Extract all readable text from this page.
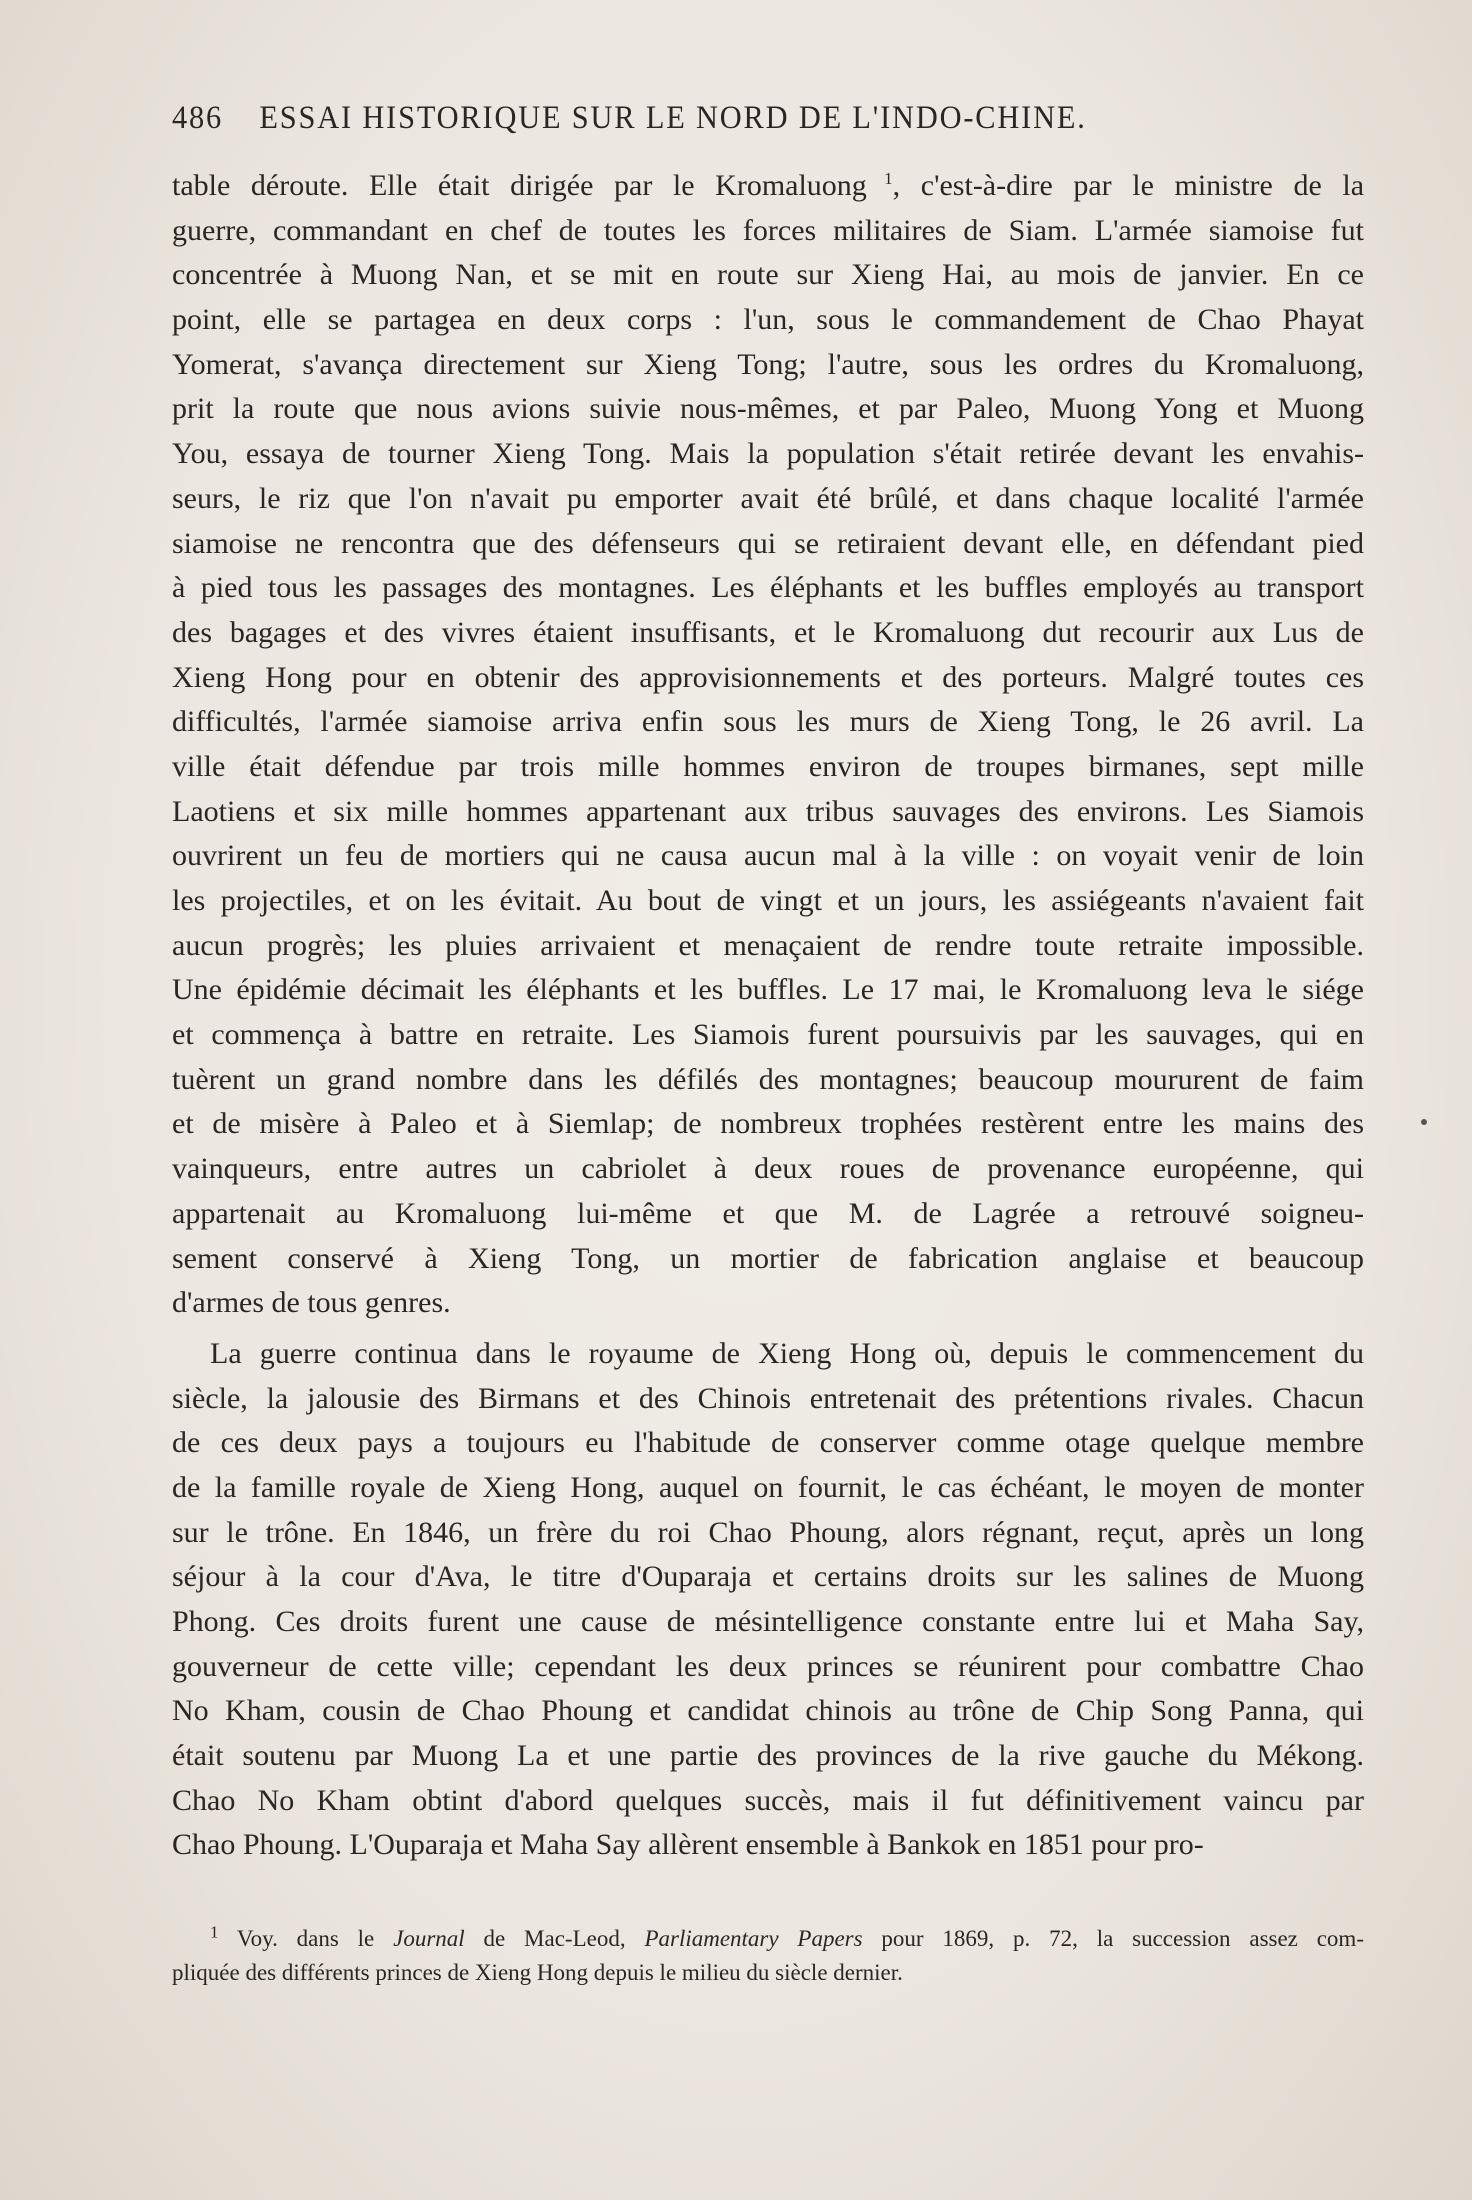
486 ESSAI HISTORIQUE SUR LE NORD DE L'INDO-CHINE.
table déroute. Elle était dirigée par le Kromaluong $^1$, c'est-à-dire par le ministre de la
guerre, commandant en chef de toutes les forces militaires de Siam. L'armée siamoise fut
concentrée à Muong Nan, et se mit en route sur Xieng Hai, au mois de janvier. En ce
point, elle se partagea en deux corps : l'un, sous le commandement de Chao Phayat
Yomerat, s'avança directement sur Xieng Tong; l'autre, sous les ordres du Kromaluong,
prit la route que nous avions suivie nous-mêmes, et par Paleo, Muong Yong et Muong
You, essaya de tourner Xieng Tong. Mais la population s'était retirée devant les envahis-
seurs, le riz que l'on n'avait pu emporter avait été brûlé, et dans chaque localité l'armée
siamoise ne rencontra que des défenseurs qui se retiraient devant elle, en défendant pied
à pied tous les passages des montagnes. Les éléphants et les buffles employés au transport
des bagages et des vivres étaient insuffisants, et le Kromaluong dut recourir aux Lus de
Xieng Hong pour en obtenir des approvisionnements et des porteurs. Malgré toutes ces
difficultés, l'armée siamoise arriva enfin sous les murs de Xieng Tong, le 26 avril. La
ville était défendue par trois mille hommes environ de troupes birmanes, sept mille
Laotiens et six mille hommes appartenant aux tribus sauvages des environs. Les Siamois
ouvrirent un feu de mortiers qui ne causa aucun mal à la ville : on voyait venir de loin
les projectiles, et on les évitait. Au bout de vingt et un jours, les assiégeants n'avaient fait
aucun progrès; les pluies arrivaient et menaçaient de rendre toute retraite impossible.
Une épidémie décimait les éléphants et les buffles. Le 17 mai, le Kromaluong leva le siége
et commença à battre en retraite. Les Siamois furent poursuivis par les sauvages, qui en
tuèrent un grand nombre dans les défilés des montagnes; beaucoup moururent de faim
et de misère à Paleo et à Siemlap; de nombreux trophées restèrent entre les mains des
vainqueurs, entre autres un cabriolet à deux roues de provenance européenne, qui
appartenait au Kromaluong lui-même et que M. de Lagrée a retrouvé soigneu-
sement conservé à Xieng Tong, un mortier de fabrication anglaise et beaucoup
d'armes de tous genres.
La guerre continua dans le royaume de Xieng Hong où, depuis le commencement du
siècle, la jalousie des Birmans et des Chinois entretenait des prétentions rivales. Chacun
de ces deux pays a toujours eu l'habitude de conserver comme otage quelque membre
de la famille royale de Xieng Hong, auquel on fournit, le cas échéant, le moyen de monter
sur le trône. En 1846, un frère du roi Chao Phoung, alors régnant, reçut, après un long
séjour à la cour d'Ava, le titre d'Ouparaja et certains droits sur les salines de Muong
Phong. Ces droits furent une cause de mésintelligence constante entre lui et Maha Say,
gouverneur de cette ville; cependant les deux princes se réunirent pour combattre Chao
No Kham, cousin de Chao Phoung et candidat chinois au trône de Chip Song Panna, qui
était soutenu par Muong La et une partie des provinces de la rive gauche du Mékong.
Chao No Kham obtint d'abord quelques succès, mais il fut définitivement vaincu par
Chao Phoung. L'Ouparaja et Maha Say allèrent ensemble à Bankok en 1851 pour pro-
$^1$ Voy. dans le Journal de Mac-Leod, Parliamentary Papers pour 1869, p. 72, la succession assez com-
pliquée des différents princes de Xieng Hong depuis le milieu du siècle dernier.
